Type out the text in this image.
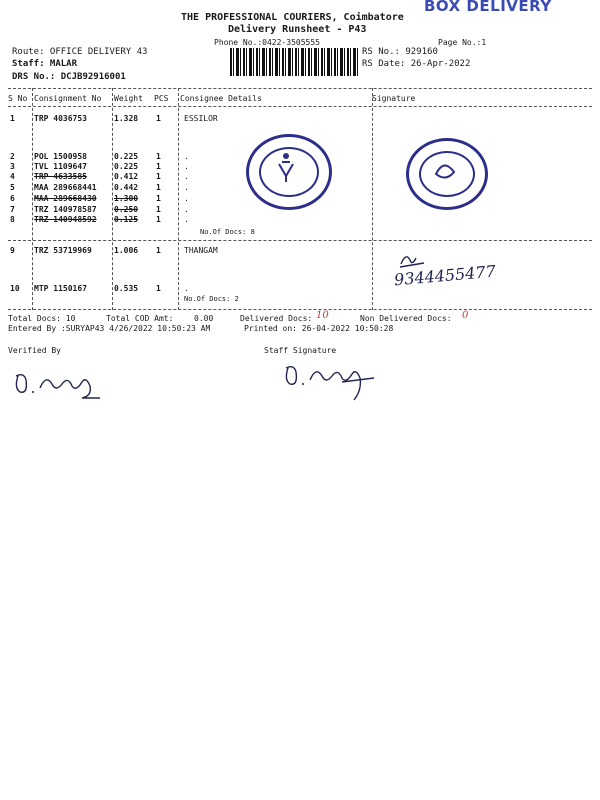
THE PROFESSIONAL COURIERS, Coimbatore
BOX DELIVERY
Delivery Runsheet - P43
Phone No.:0422-3505555	Page No.:1
Route: OFFICE DELIVERY 43
Staff: MALAR
DRS No.: DCJB92916001
RS No.: 929160
RS Date: 26-Apr-2022
S No Consignment No Weight PCS Consignee Details	Signature
1 TRP 4036753	1.328 1	ESSILOR
2 POL 1500958	0.225 1	.
3 TVL 1109647	0.225 1	.
4 TRP 4633585	0.412 1	.
5 MAA 289668441 0.442 1	.
6 MAA 289668430 1.300 1	.
7 TRZ 140978587 0.250 1	.
8 TRZ 140948592 0.125 1	.
No.Of Docs: 8
9 TRZ 53719969	1.006 1	THANGAM
10 MTP 1150167	0.535 1	.
No.Of Docs: 2
9344455477
Total Docs: 10	Total COD Amt:	0.00	Delivered Docs: 10	Non Delivered Docs: 0
Entered By :SURYAP43 4/26/2022 10:50:23 AM	Printed on: 26-04-2022 10:50:28
Verified By	Staff Signature
